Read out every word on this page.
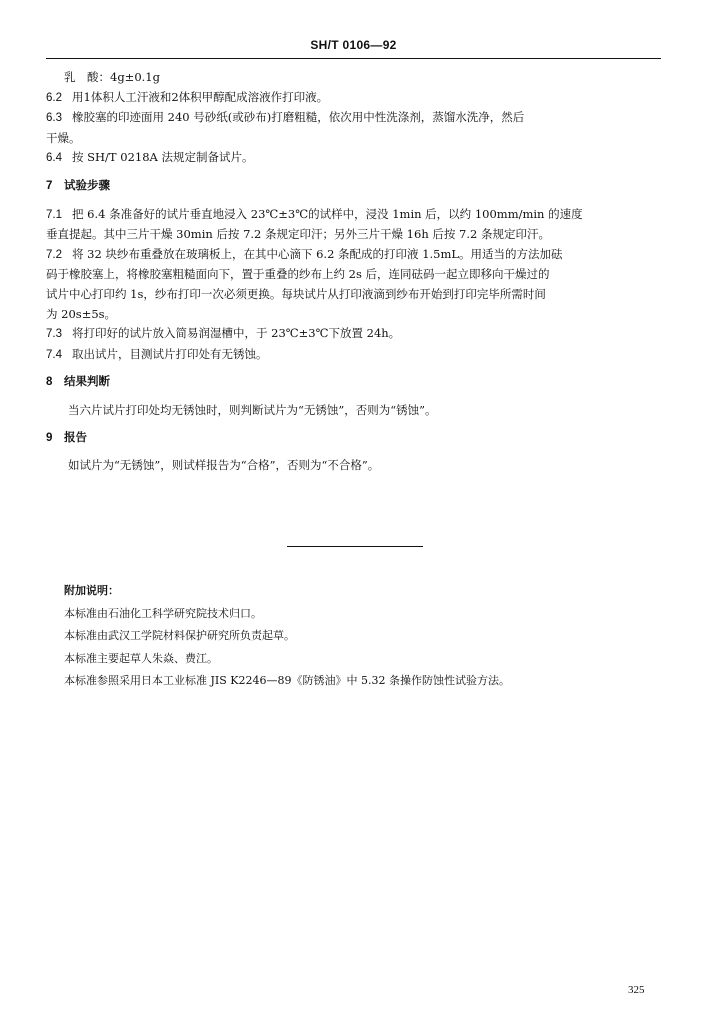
SH/T 0106—92
乳　酸：4g±0.1g
6.2 用1体积人工汗液和2体积甲醇配成溶液作打印液。
6.3 橡胶塞的印迹面用 240 号砂纸(或砂布)打磨粗糙，依次用中性洗涤剂，蒸馏水洗净，然后
干燥。
6.4 按 SH/T 0218A 法规定制备试片。
7 试验步骤
7.1 把 6.4 条准备好的试片垂直地浸入 23℃±3℃的试样中，浸没 1min 后，以约 100mm/min 的速度
垂直提起。其中三片干燥 30min 后按 7.2 条规定印汗；另外三片干燥 16h 后按 7.2 条规定印汗。
7.2 将 32 块纱布重叠放在玻璃板上，在其中心滴下 6.2 条配成的打印液 1.5mL。用适当的方法加砝
码于橡胶塞上，将橡胶塞粗糙面向下，置于重叠的纱布上约 2s 后，连同砝码一起立即移向干燥过的
试片中心打印约 1s，纱布打印一次必须更换。每块试片从打印液滴到纱布开始到打印完毕所需时间
为 20s±5s。
7.3 将打印好的试片放入简易润湿槽中，于 23℃±3℃下放置 24h。
7.4 取出试片，目测试片打印处有无锈蚀。
8 结果判断
当六片试片打印处均无锈蚀时，则判断试片为“无锈蚀”，否则为“锈蚀”。
9 报告
如试片为“无锈蚀”，则试样报告为“合格”，否则为“不合格”。
附加说明：
本标准由石油化工科学研究院技术归口。
本标准由武汉工学院材料保护研究所负责起草。
本标准主要起草人朱焱、费江。
本标准参照采用日本工业标准 JIS K2246—89《防锈油》中 5.32 条操作防蚀性试验方法。
325
